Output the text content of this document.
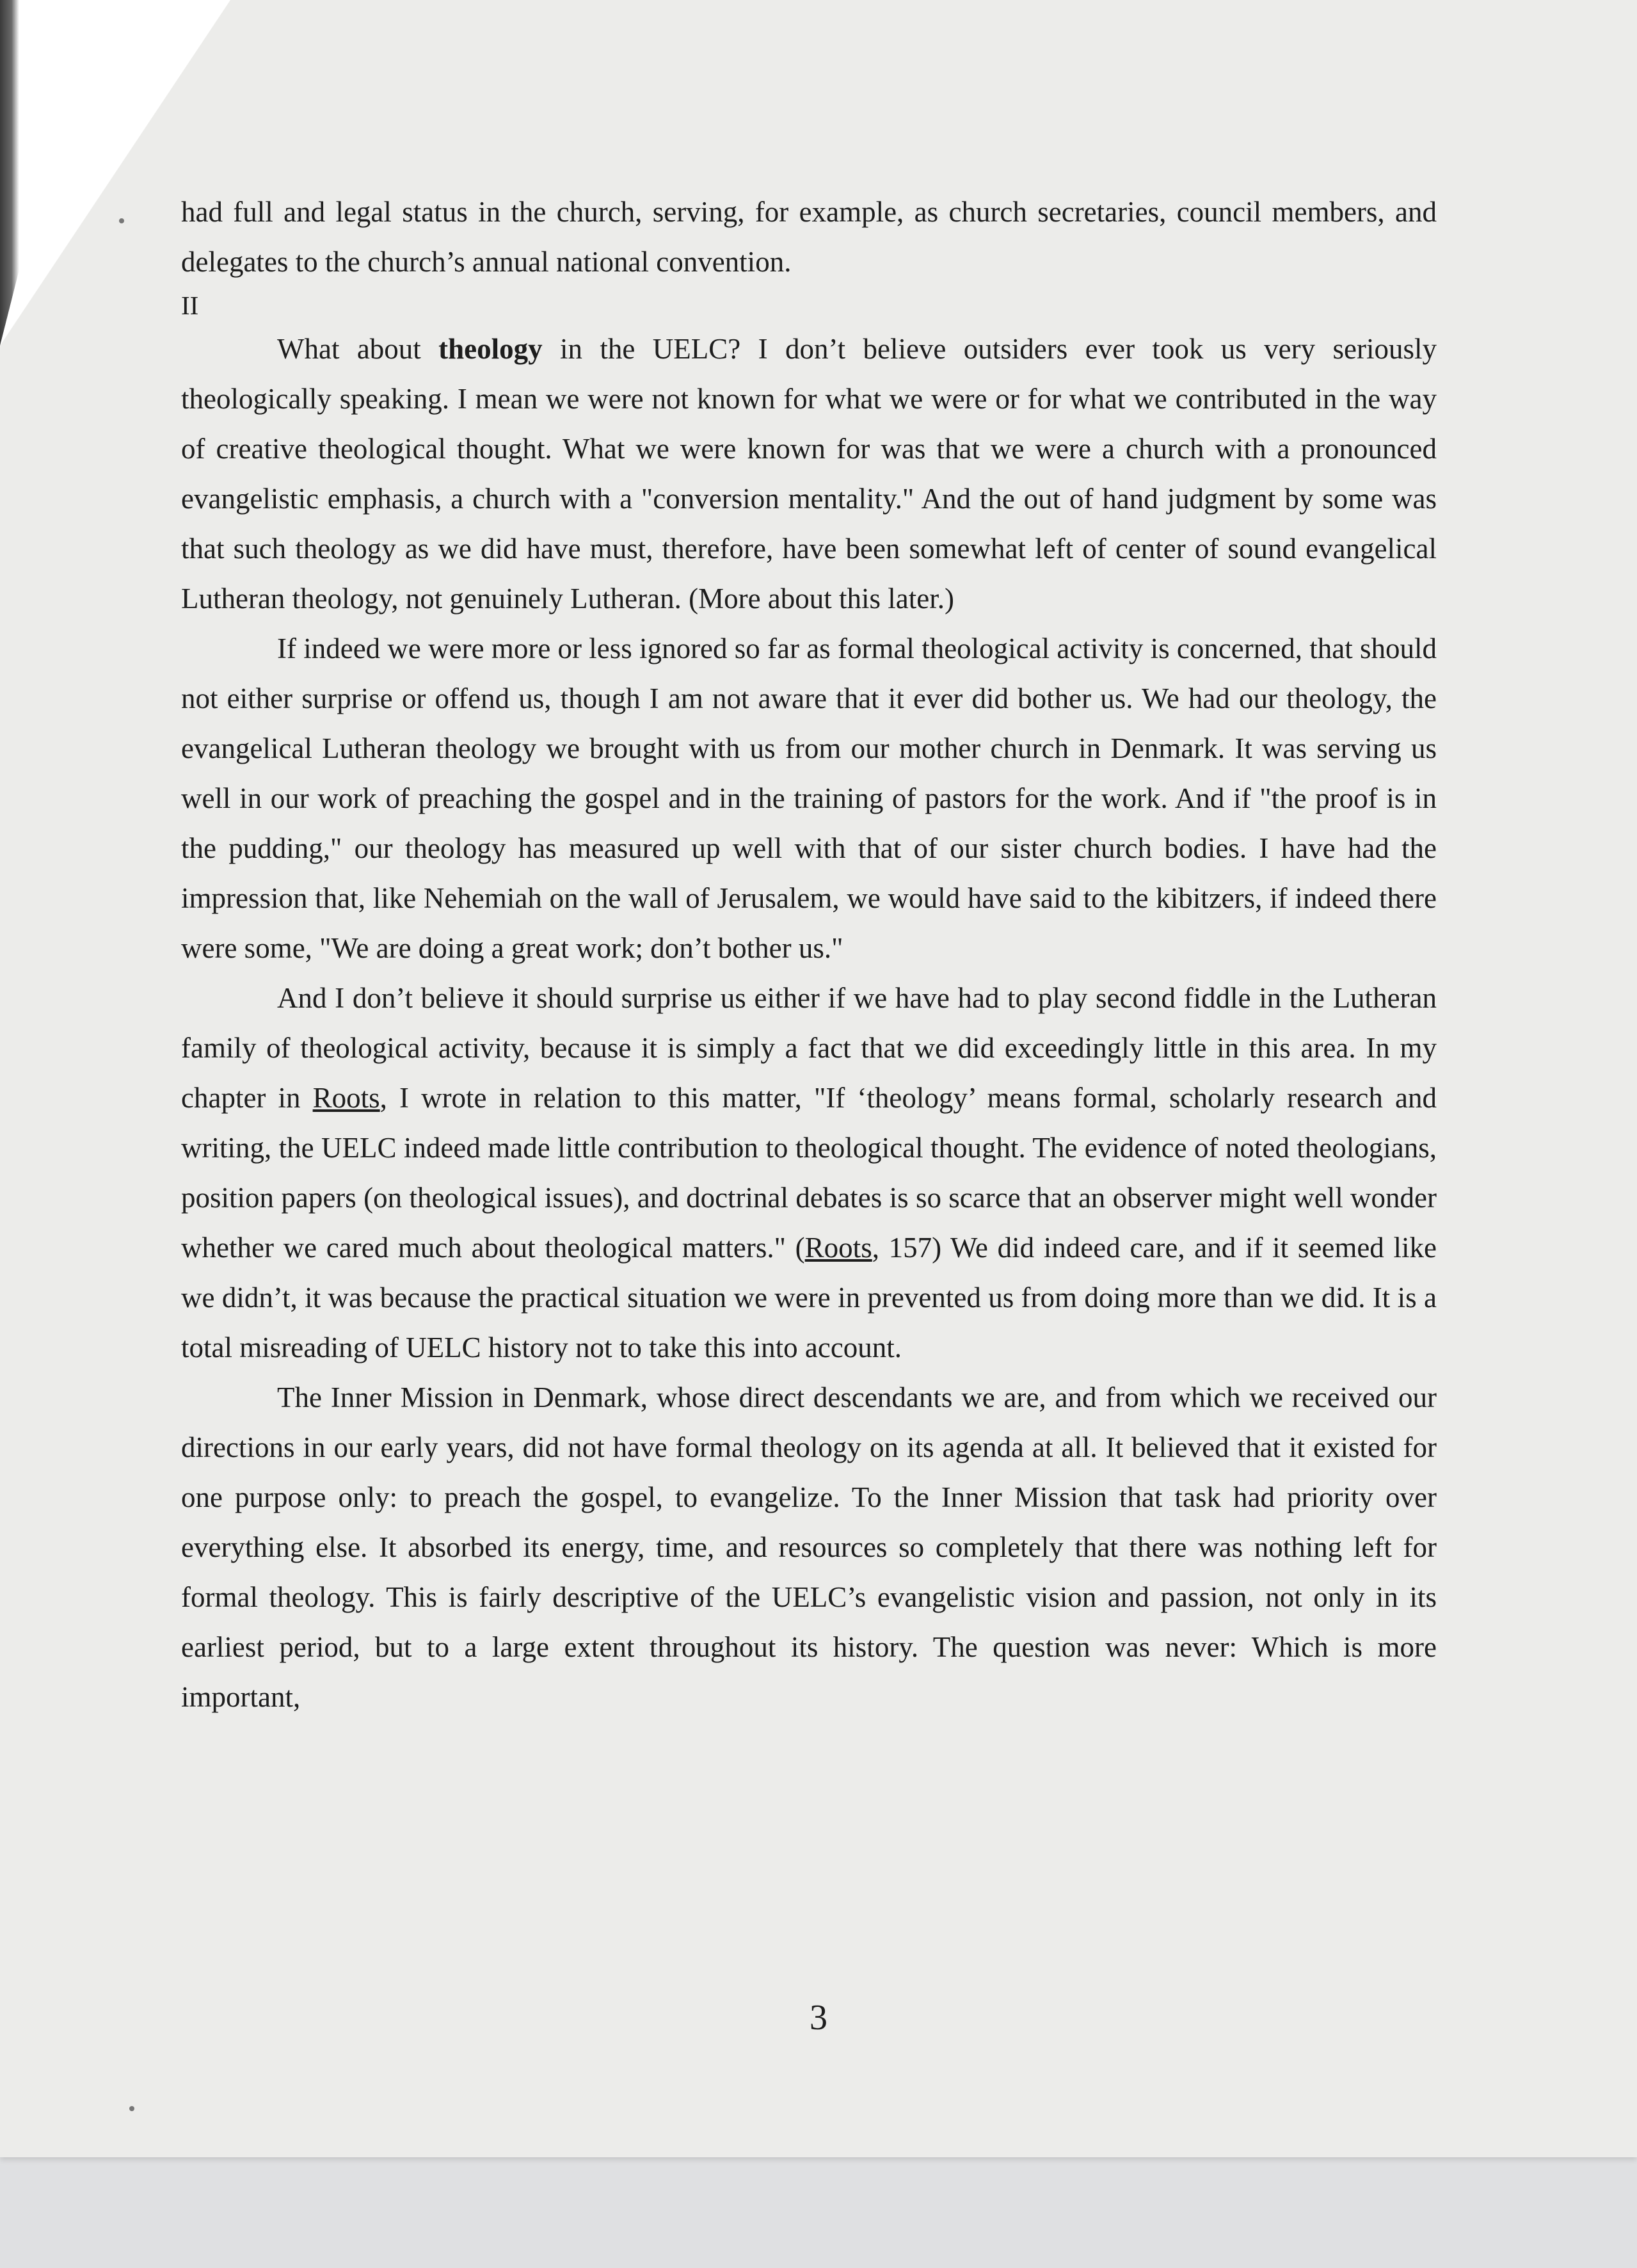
had full and legal status in the church, serving, for example, as church secretaries, council members, and delegates to the church’s annual national convention.

II

What about theology in the UELC? I don’t believe outsiders ever took us very seriously theologically speaking. I mean we were not known for what we were or for what we contributed in the way of creative theological thought. What we were known for was that we were a church with a pronounced evangelistic emphasis, a church with a "conversion mentality." And the out of hand judgment by some was that such theology as we did have must, therefore, have been somewhat left of center of sound evangelical Lutheran theology, not genuinely Lutheran. (More about this later.)

If indeed we were more or less ignored so far as formal theological activity is concerned, that should not either surprise or offend us, though I am not aware that it ever did bother us. We had our theology, the evangelical Lutheran theology we brought with us from our mother church in Denmark. It was serving us well in our work of preaching the gospel and in the training of pastors for the work. And if "the proof is in the pudding," our theology has measured up well with that of our sister church bodies. I have had the impression that, like Nehemiah on the wall of Jerusalem, we would have said to the kibitzers, if indeed there were some, "We are doing a great work; don’t bother us."

And I don’t believe it should surprise us either if we have had to play second fiddle in the Lutheran family of theological activity, because it is simply a fact that we did exceedingly little in this area. In my chapter in Roots, I wrote in relation to this matter, "If ‘theology’ means formal, scholarly research and writing, the UELC indeed made little contribution to theological thought. The evidence of noted theologians, position papers (on theological issues), and doctrinal debates is so scarce that an observer might well wonder whether we cared much about theological matters." (Roots, 157) We did indeed care, and if it seemed like we didn’t, it was because the practical situation we were in prevented us from doing more than we did. It is a total misreading of UELC history not to take this into account.

The Inner Mission in Denmark, whose direct descendants we are, and from which we received our directions in our early years, did not have formal theology on its agenda at all. It believed that it existed for one purpose only: to preach the gospel, to evangelize. To the Inner Mission that task had priority over everything else. It absorbed its energy, time, and resources so completely that there was nothing left for formal theology. This is fairly descriptive of the UELC’s evangelistic vision and passion, not only in its earliest period, but to a large extent throughout its history. The question was never: Which is more important,

3
